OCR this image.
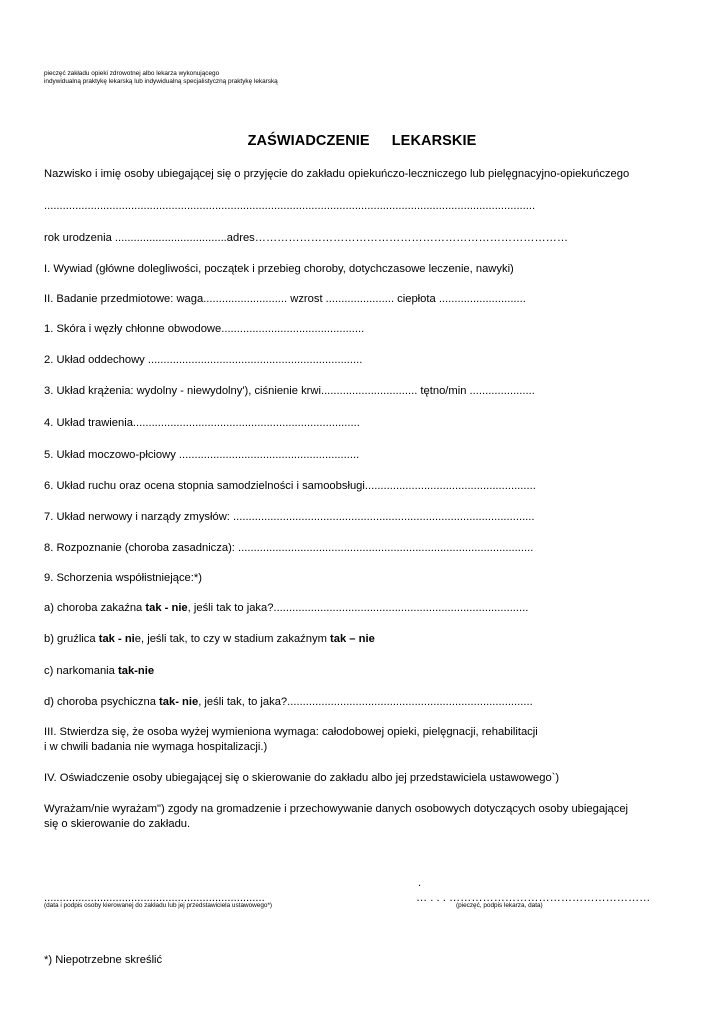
pieczęć zakładu opieki zdrowotnej albo lekarza wykonującego
indywidualną praktykę lekarską lub indywidualną specjalistyczną praktykę lekarską
ZAŚWIADCZENIE LEKARSKIE
Nazwisko i imię osoby ubiegającej się o przyjęcie do zakładu opiekuńczo-leczniczego lub pielęgnacyjno-opiekuńczego
..............................................................................................................................................................
rok urodzenia ....................................adres…………………………………………………………………………
I. Wywiad (główne dolegliwości, początek i przebieg choroby, dotychczasowe leczenie, nawyki)
II. Badanie przedmiotowe: waga........................... wzrost ...................... ciepłota ............................
1. Skóra i węzły chłonne obwodowe..............................................
2. Układ oddechowy .....................................................................
3. Układ krążenia: wydolny - niewydolny'), ciśnienie krwi............................... tętno/min .....................
4. Układ trawienia.........................................................................
5. Układ moczowo-płciowy ..........................................................
6. Układ ruchu oraz ocena stopnia samodzielności i samoobsługi.......................................................
7. Układ nerwowy i narządy zmysłów: .................................................................................................
8. Rozpoznanie (choroba zasadnicza): ...............................................................................................
9. Schorzenia współistniejące:*)
a) choroba zakaźna tak - nie, jeśli tak to jaka?..................................................................................
b) gruźlica tak - nie, jeśli tak, to czy w stadium zakaźnym tak – nie
c) narkomania tak-nie
d) choroba psychiczna tak- nie, jeśli tak, to jaka?...............................................................................
III. Stwierdza się, że osoba wyżej wymieniona wymaga: całodobowej opieki, pielęgnacji, rehabilitacji
i w chwili badania nie wymaga hospitalizacji.)
IV. Oświadczenie osoby ubiegającej się o skierowanie do zakładu albo jej przedstawiciela ustawowego`)
Wyrażam/nie wyrażam") zgody na gromadzenie i przechowywanie danych osobowych dotyczących osoby ubiegającej
się o skierowanie do zakładu.
.......................................................................
(data i podpis osoby kierowanej do zakładu lub jej przedstawiciela ustawowego*)
.
… . . . ………………………………………………
(pieczęć, podpis lekarza, data)
*) Niepotrzebne skreślić
